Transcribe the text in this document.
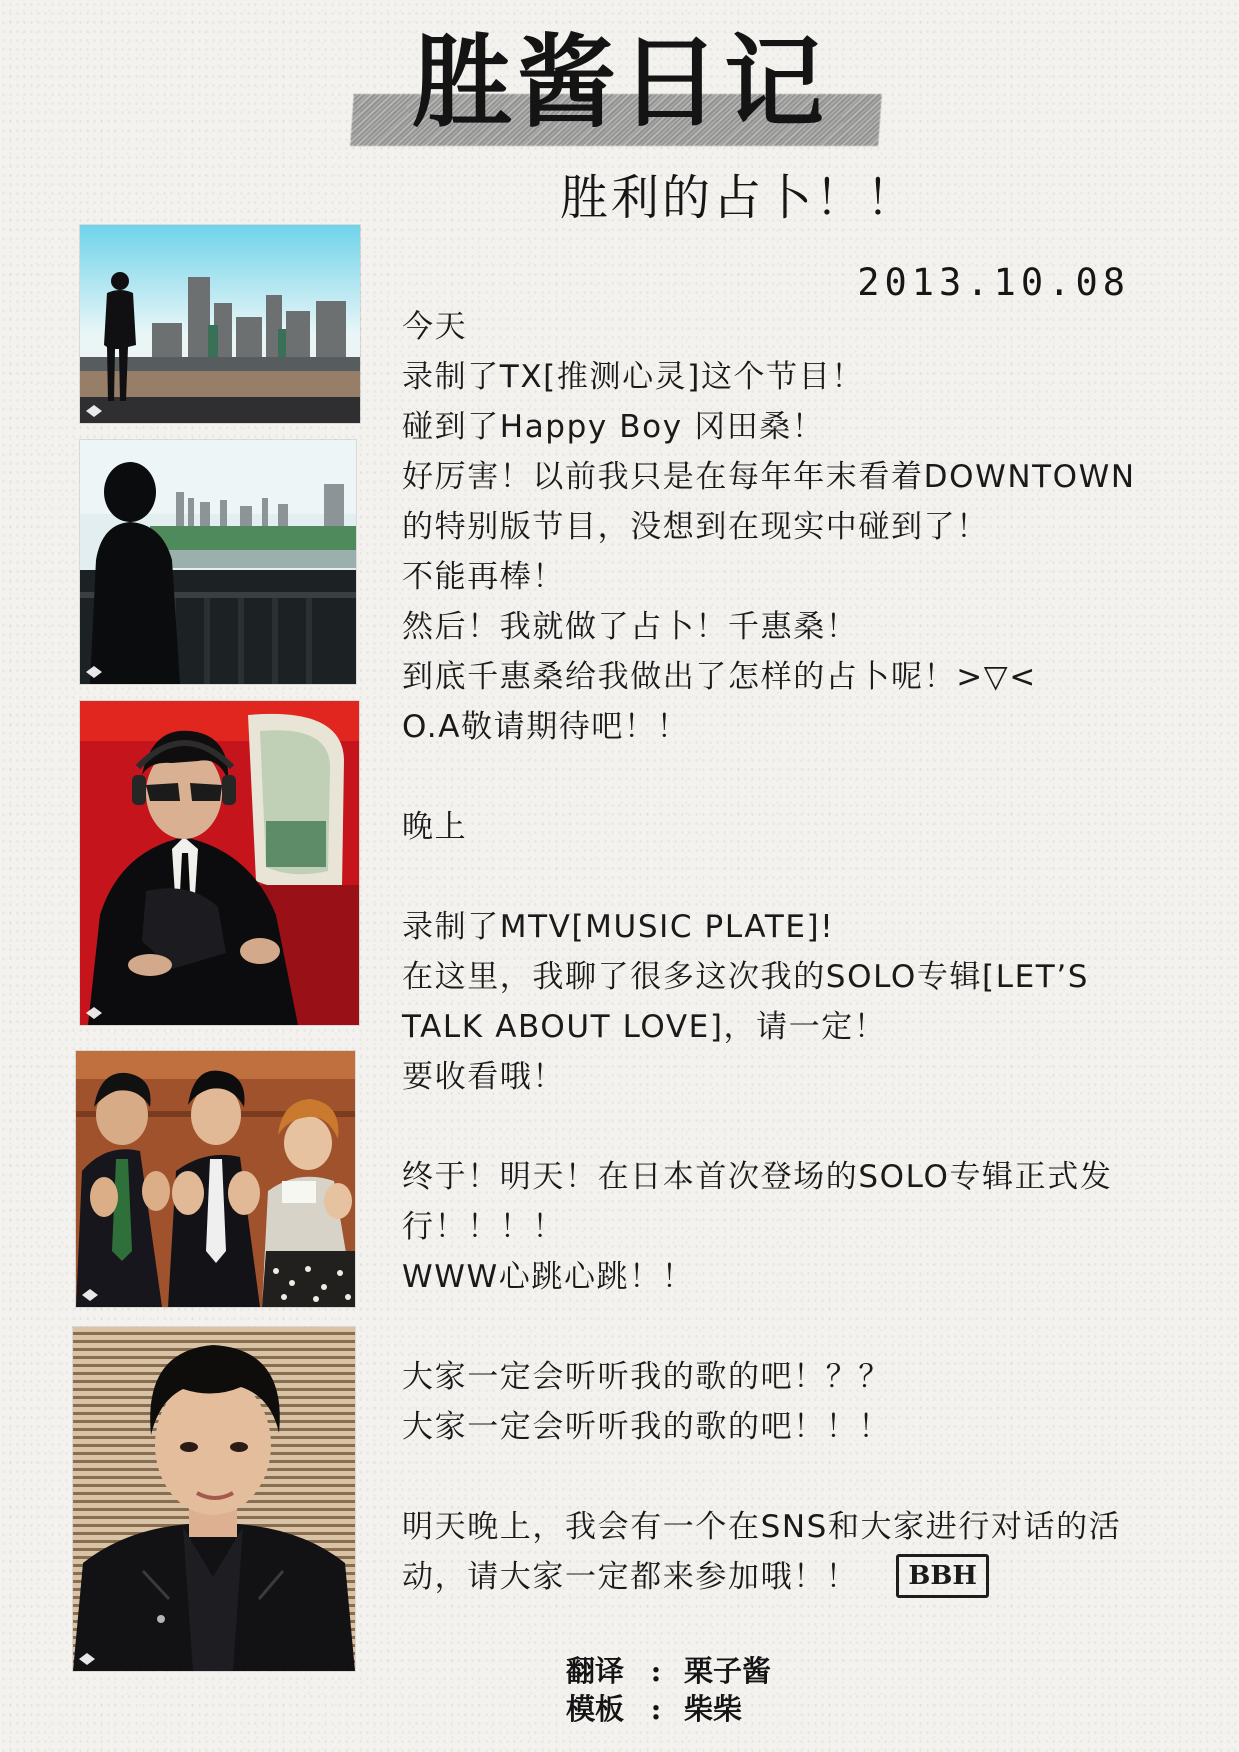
胜酱日记
胜利的占卜！！
2013.10.08
今天
录制了TX[推测心灵]这个节目！
碰到了Happy Boy 冈田桑！
好厉害！以前我只是在每年年末看着DOWNTOWN
的特别版节目，没想到在现实中碰到了！
不能再棒！
然后！我就做了占卜！千惠桑！
到底千惠桑给我做出了怎样的占卜呢！>▽<
O.A敬请期待吧！！
晚上
录制了MTV[MUSIC PLATE]!
在这里，我聊了很多这次我的SOLO专辑[LET’S
TALK ABOUT LOVE]，请一定！
要收看哦！
终于！明天！在日本首次登场的SOLO专辑正式发
行！！！！
WWW心跳心跳！！
大家一定会听听我的歌的吧！？？
大家一定会听听我的歌的吧！！！
明天晚上，我会有一个在SNS和大家进行对话的活
动，请大家一定都来参加哦！！ BBH
翻译 : 栗子酱
模板 : 柴柴
